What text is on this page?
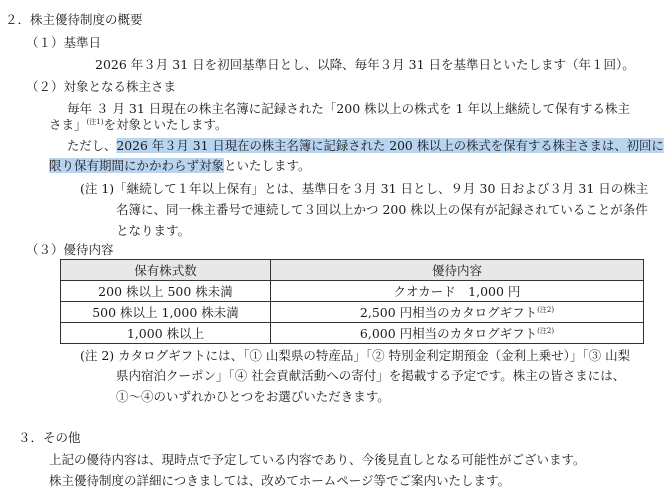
２．株主優待制度の概要
（１）基準日
2026 年３月 31 日を初回基準日とし、以降、毎年３月 31 日を基準日といたします（年１回）。
（２）対象となる株主さま
毎年 ３ 月 31 日現在の株主名簿に記録された「200 株以上の株式を 1 年以上継続して保有する株主
さま」$^{(注1)}$を対象といたします。
ただし、2026 年３月 31 日現在の株主名簿に記録された 200 株以上の株式を保有する株主さまは、初回に
限り保有期間にかかわらず対象といたします。
(注 1)「継続して１年以上保有」とは、基準日を３月 31 日とし、９月 30 日および３月 31 日の株主
名簿に、同一株主番号で連続して３回以上かつ 200 株以上の保有が記録されていることが条件
となります。
（３）優待内容
保有株式数	優待内容
200 株以上 500 株未満	クオカード　1,000 円
500 株以上 1,000 株未満	2,500 円相当のカタログギフト$^{(注2)}$
1,000 株以上	6,000 円相当のカタログギフト$^{(注2)}$
(注 2) カタログギフトには、「① 山梨県の特産品」「② 特別金利定期預金（金利上乗せ）」「③ 山梨
県内宿泊クーポン」「④ 社会貢献活動への寄付」を掲載する予定です。株主の皆さまには、
①～④のいずれかひとつをお選びいただきます。
３．その他
上記の優待内容は、現時点で予定している内容であり、今後見直しとなる可能性がございます。
株主優待制度の詳細につきましては、改めてホームページ等でご案内いたします。
